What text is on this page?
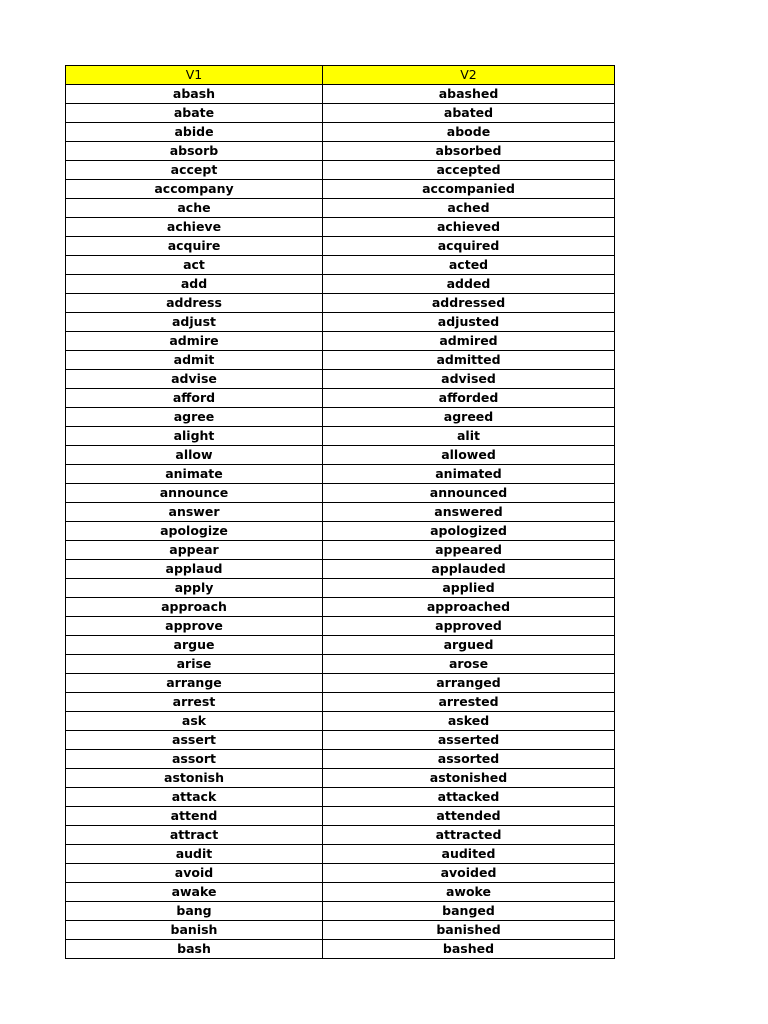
V1	V2
abash	abashed
abate	abated
abide	abode
absorb	absorbed
accept	accepted
accompany	accompanied
ache	ached
achieve	achieved
acquire	acquired
act	acted
add	added
address	addressed
adjust	adjusted
admire	admired
admit	admitted
advise	advised
afford	afforded
agree	agreed
alight	alit
allow	allowed
animate	animated
announce	announced
answer	answered
apologize	apologized
appear	appeared
applaud	applauded
apply	applied
approach	approached
approve	approved
argue	argued
arise	arose
arrange	arranged
arrest	arrested
ask	asked
assert	asserted
assort	assorted
astonish	astonished
attack	attacked
attend	attended
attract	attracted
audit	audited
avoid	avoided
awake	awoke
bang	banged
banish	banished
bash	bashed
